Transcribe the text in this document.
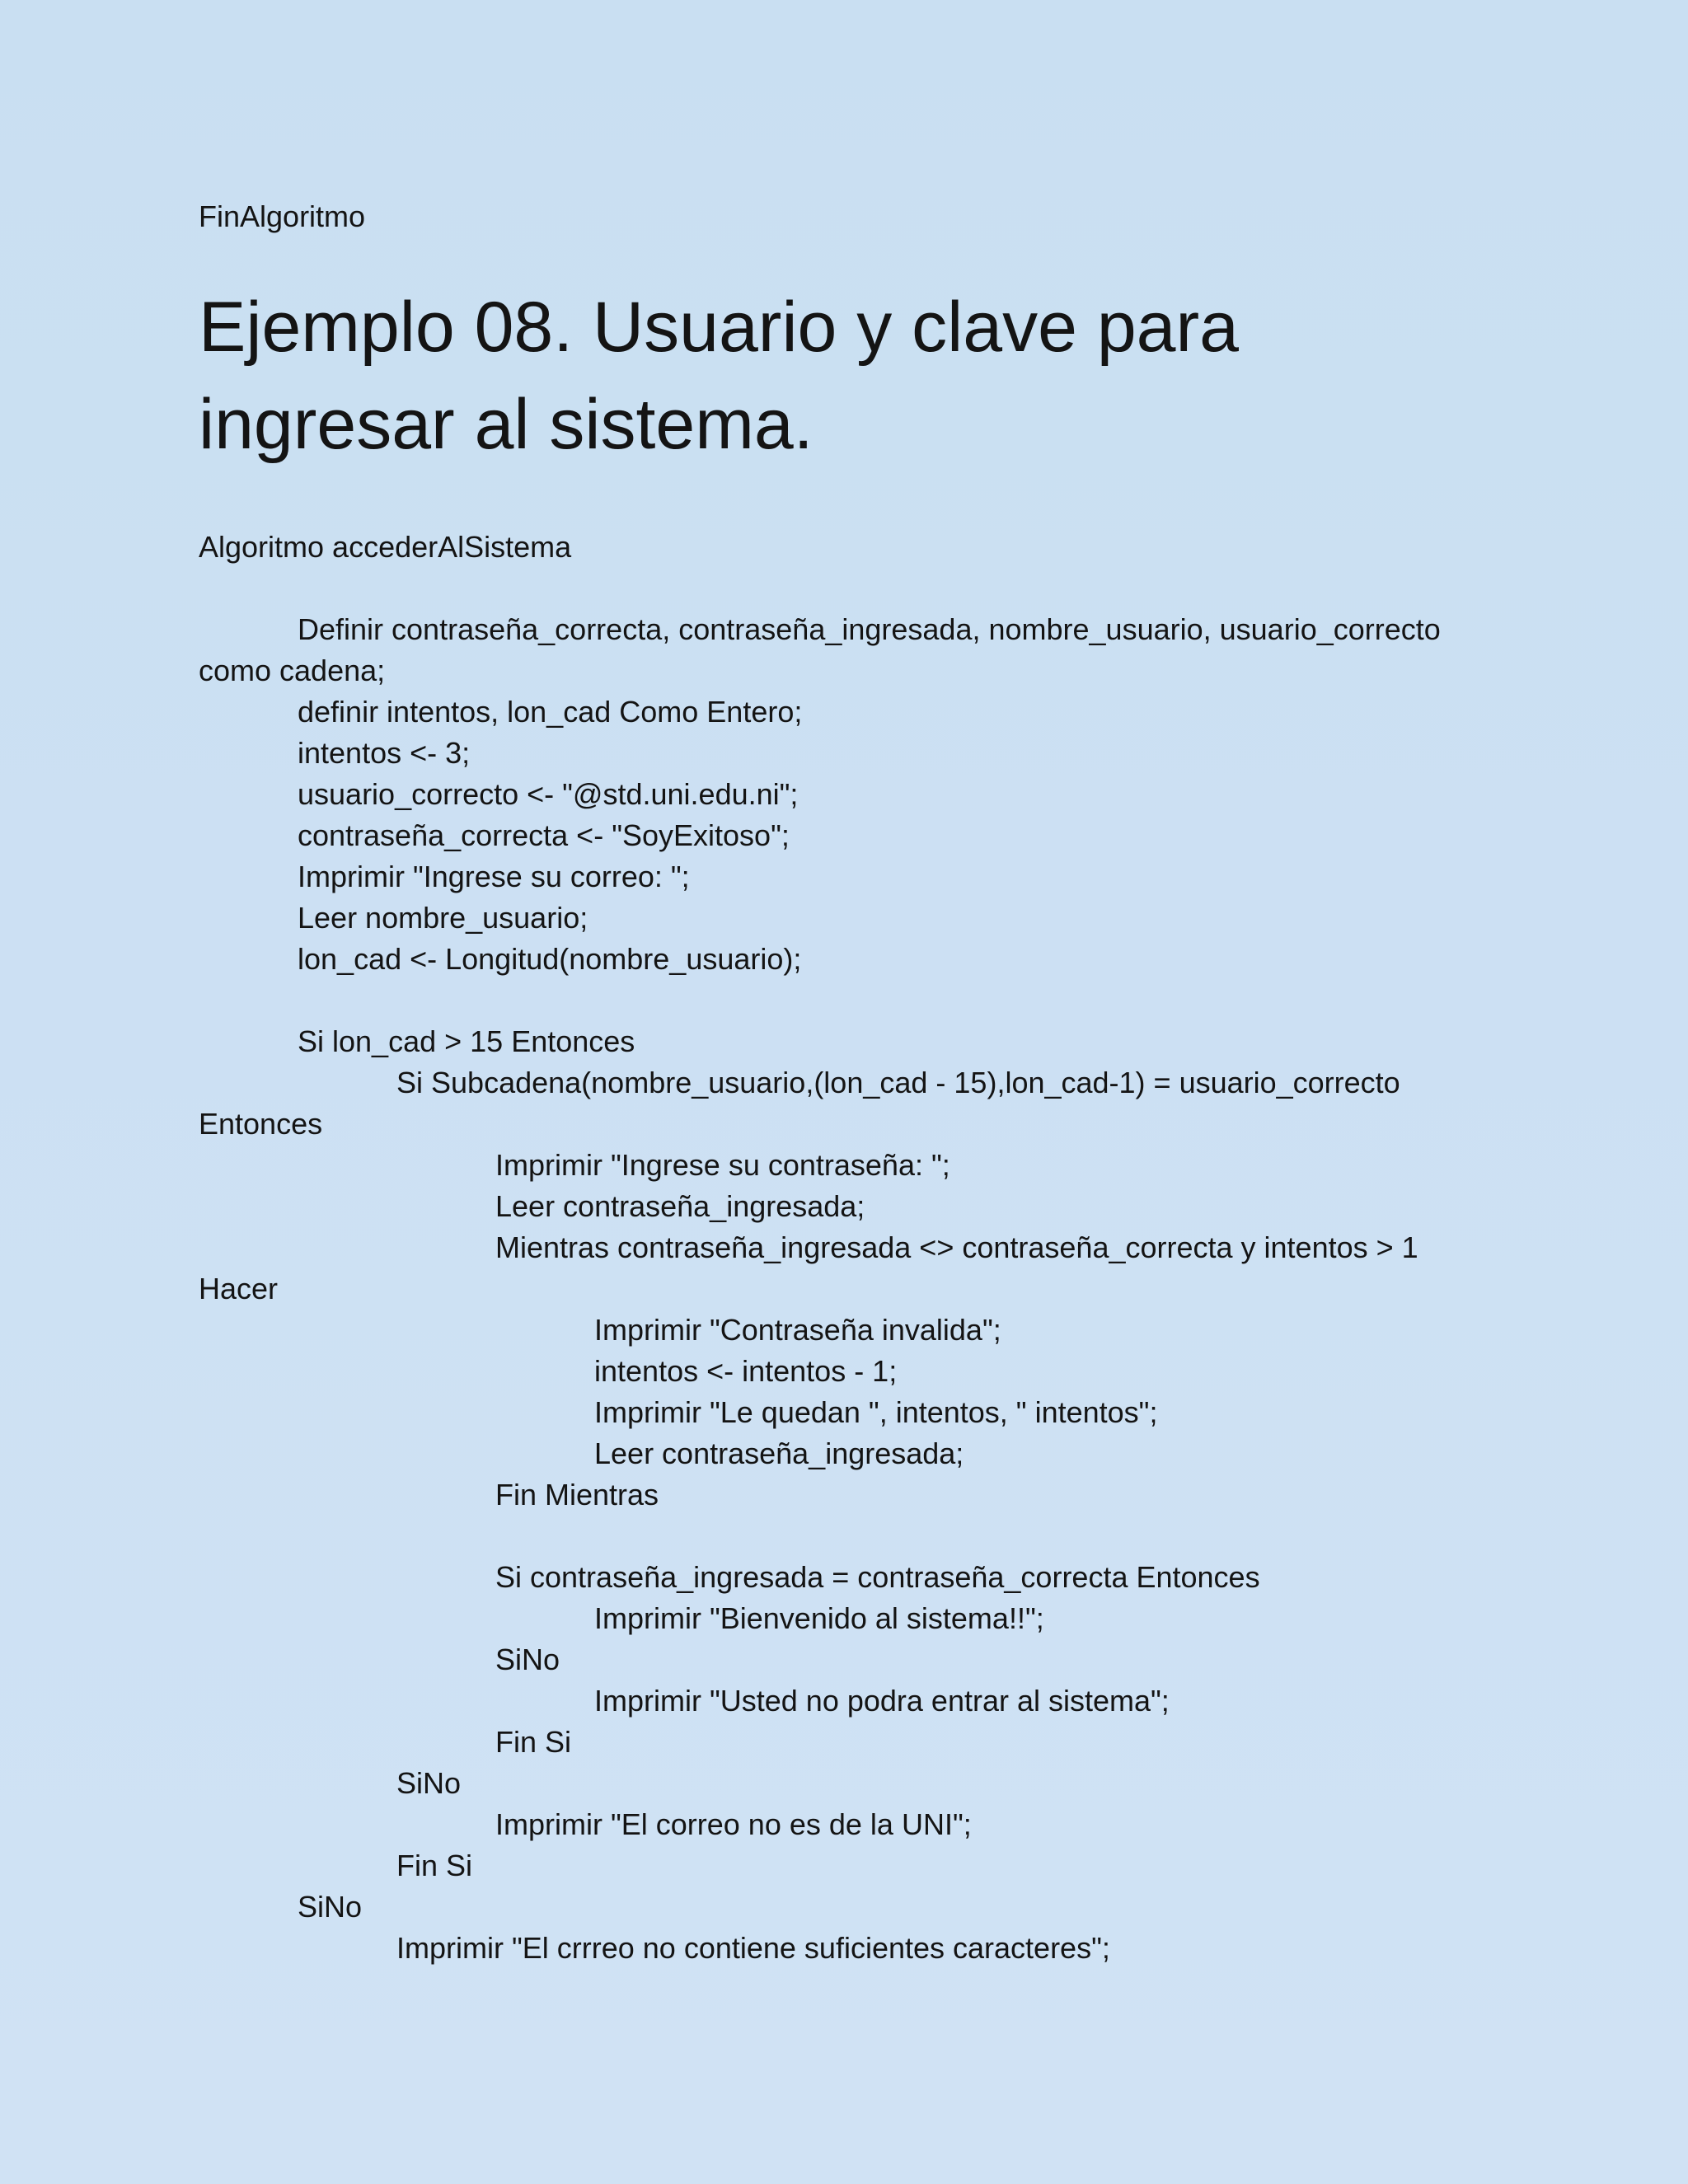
FinAlgoritmo
Ejemplo 08. Usuario y clave para
ingresar al sistema.
Algoritmo accederAlSistema
Definir contraseña_correcta, contraseña_ingresada, nombre_usuario, usuario_correcto
como cadena;
definir intentos, lon_cad Como Entero;
intentos <- 3;
usuario_correcto <- "@std.uni.edu.ni";
contraseña_correcta <- "SoyExitoso";
Imprimir "Ingrese su correo: ";
Leer nombre_usuario;
lon_cad <- Longitud(nombre_usuario);
Si lon_cad > 15 Entonces
Si Subcadena(nombre_usuario,(lon_cad - 15),lon_cad-1) = usuario_correcto
Entonces
Imprimir "Ingrese su contraseña: ";
Leer contraseña_ingresada;
Mientras contraseña_ingresada <> contraseña_correcta y intentos > 1
Hacer
Imprimir "Contraseña invalida";
intentos <- intentos - 1;
Imprimir "Le quedan ", intentos, " intentos";
Leer contraseña_ingresada;
Fin Mientras
Si contraseña_ingresada = contraseña_correcta Entonces
Imprimir "Bienvenido al sistema!!";
SiNo
Imprimir "Usted no podra entrar al sistema";
Fin Si
SiNo
Imprimir "El correo no es de la UNI";
Fin Si
SiNo
Imprimir "El crrreo no contiene suficientes caracteres";
